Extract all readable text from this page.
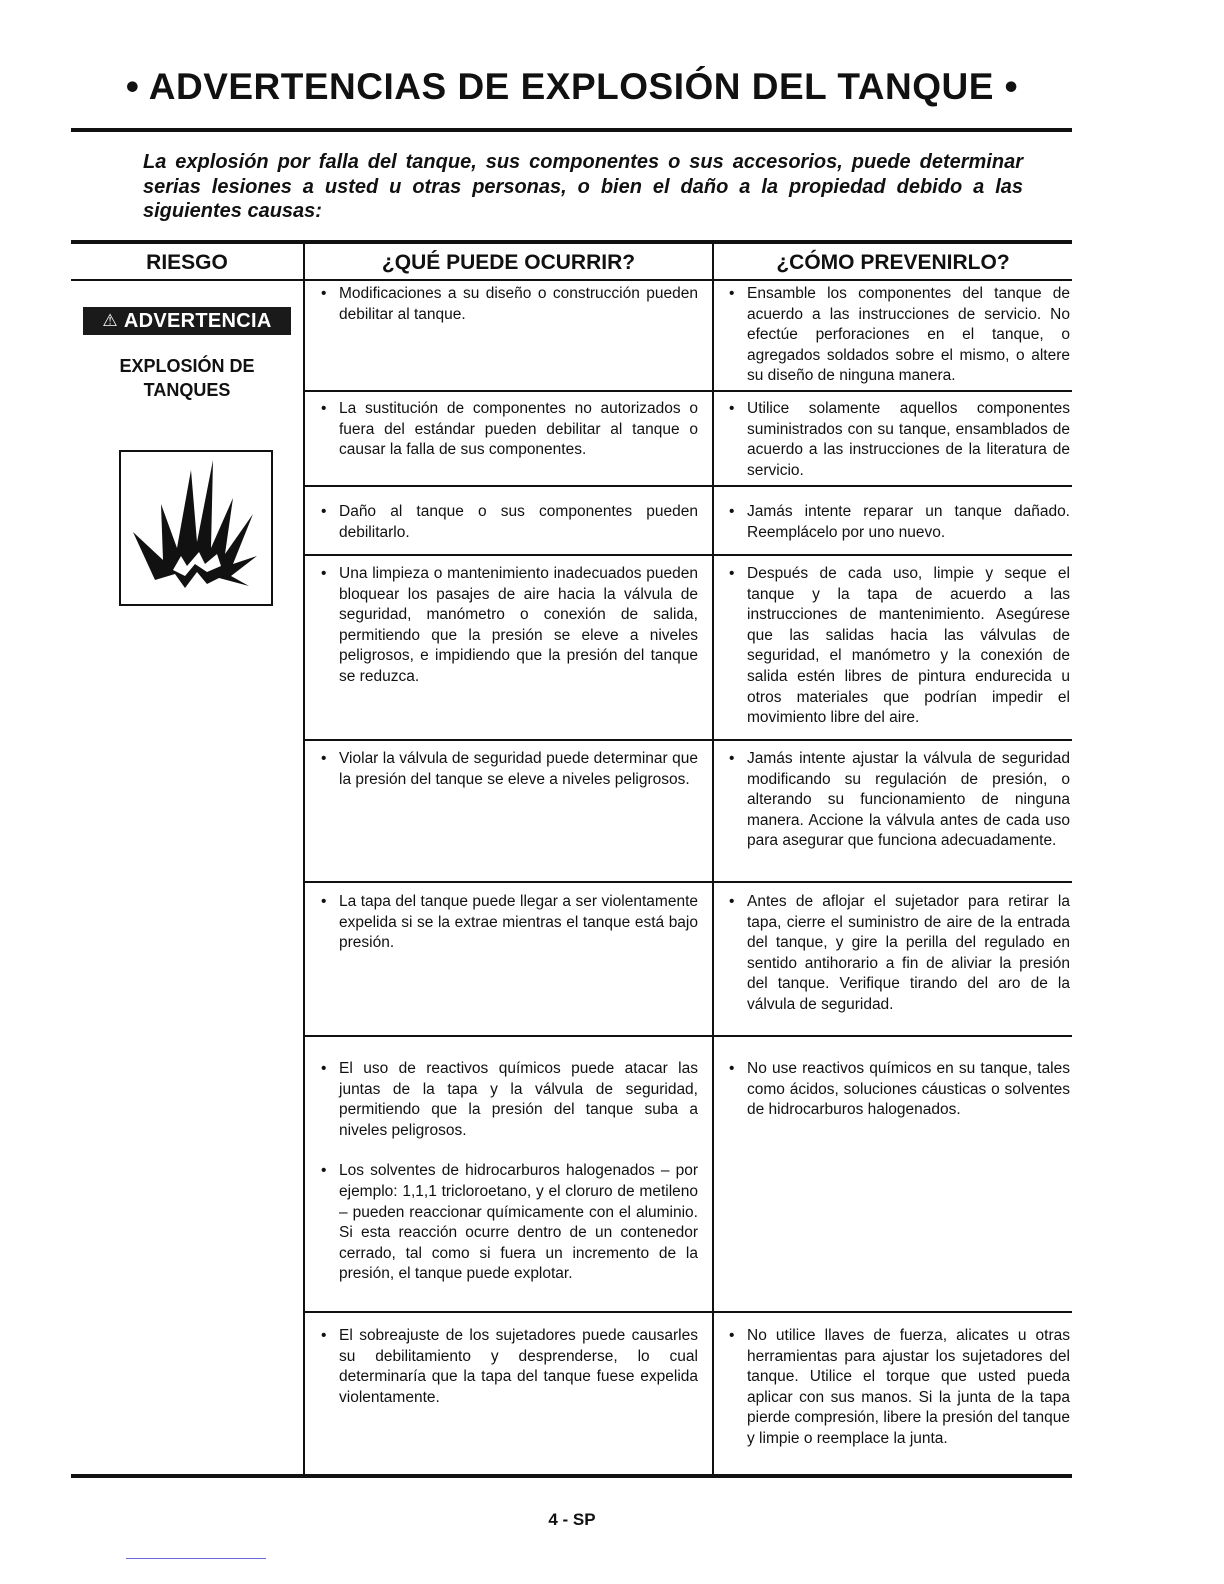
• ADVERTENCIAS DE EXPLOSIÓN DEL TANQUE •

La explosión por falla del tanque, sus componentes o sus accesorios, puede determinar serias lesiones a usted u otras personas, o bien el daño a la propiedad debido a las siguientes causas:

RIESGO	¿QUÉ PUEDE OCURRIR?	¿CÓMO PREVENIRLO?
⚠ ADVERTENCIA

EXPLOSIÓN DE TANQUES

• Modificaciones a su diseño o construcción pueden debilitar al tanque.
• Ensamble los componentes del tanque de acuerdo a las instrucciones de servicio. No efectúe perforaciones en el tanque, o agregados soldados sobre el mismo, o altere su diseño de ninguna manera.
• La sustitución de componentes no autorizados o fuera del estándar pueden debilitar al tanque o causar la falla de sus componentes.
• Utilice solamente aquellos componentes suministrados con su tanque, ensamblados de acuerdo a las instrucciones de la literatura de servicio.
• Daño al tanque o sus componentes pueden debilitarlo.
• Jamás intente reparar un tanque dañado. Reemplácelo por uno nuevo.
• Una limpieza o mantenimiento inadecuados pueden bloquear los pasajes de aire hacia la válvula de seguridad, manómetro o conexión de salida, permitiendo que la presión se eleve a niveles peligrosos, e impidiendo que la presión del tanque se reduzca.
• Después de cada uso, limpie y seque el tanque y la tapa de acuerdo a las instrucciones de mantenimiento. Asegúrese que las salidas hacia las válvulas de seguridad, el manómetro y la conexión de salida estén libres de pintura endurecida u otros materiales que podrían impedir el movimiento libre del aire.
• Violar la válvula de seguridad puede determinar que la presión del tanque se eleve a niveles peligrosos.
• Jamás intente ajustar la válvula de seguridad modificando su regulación de presión, o alterando su funcionamiento de ninguna manera. Accione la válvula antes de cada uso para asegurar que funciona adecuadamente.
• La tapa del tanque puede llegar a ser violentamente expelida si se la extrae mientras el tanque está bajo presión.
• Antes de aflojar el sujetador para retirar la tapa, cierre el suministro de aire de la entrada del tanque, y gire la perilla del regulado en sentido antihorario a fin de aliviar la presión del tanque. Verifique tirando del aro de la válvula de seguridad.
• El uso de reactivos químicos puede atacar las juntas de la tapa y la válvula de seguridad, permitiendo que la presión del tanque suba a niveles peligrosos.
• Los solventes de hidrocarburos halogenados – por ejemplo: 1,1,1 tricloroetano, y el cloruro de metileno – pueden reaccionar químicamente con el aluminio. Si esta reacción ocurre dentro de un contenedor cerrado, tal como si fuera un incremento de la presión, el tanque puede explotar.
• No use reactivos químicos en su tanque, tales como ácidos, soluciones cáusticas o solventes de hidrocarburos halogenados.
• El sobreajuste de los sujetadores puede causarles su debilitamiento y desprenderse, lo cual determinaría que la tapa del tanque fuese expelida violentamente.
• No utilice llaves de fuerza, alicates u otras herramientas para ajustar los sujetadores del tanque. Utilice el torque que usted pueda aplicar con sus manos. Si la junta de la tapa pierde compresión, libere la presión del tanque y limpie o reemplace la junta.

4 - SP
